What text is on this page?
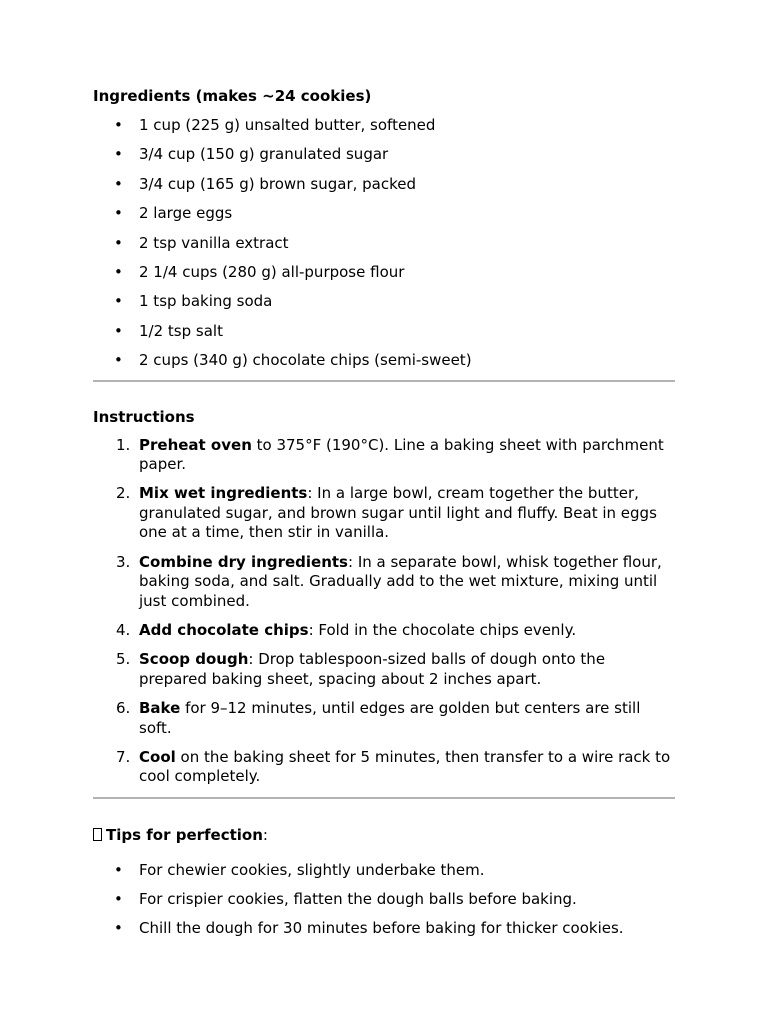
Ingredients (makes ~24 cookies)

• 1 cup (225 g) unsalted butter, softened
• 3/4 cup (150 g) granulated sugar
• 3/4 cup (165 g) brown sugar, packed
• 2 large eggs
• 2 tsp vanilla extract
• 2 1/4 cups (280 g) all-purpose flour
• 1 tsp baking soda
• 1/2 tsp salt
• 2 cups (340 g) chocolate chips (semi-sweet)

Instructions

1. Preheat oven to 375°F (190°C). Line a baking sheet with parchment paper.
2. Mix wet ingredients: In a large bowl, cream together the butter, granulated sugar, and brown sugar until light and fluffy. Beat in eggs one at a time, then stir in vanilla.
3. Combine dry ingredients: In a separate bowl, whisk together flour, baking soda, and salt. Gradually add to the wet mixture, mixing until just combined.
4. Add chocolate chips: Fold in the chocolate chips evenly.
5. Scoop dough: Drop tablespoon-sized balls of dough onto the prepared baking sheet, spacing about 2 inches apart.
6. Bake for 9–12 minutes, until edges are golden but centers are still soft.
7. Cool on the baking sheet for 5 minutes, then transfer to a wire rack to cool completely.

Tips for perfection:

• For chewier cookies, slightly underbake them.
• For crispier cookies, flatten the dough balls before baking.
• Chill the dough for 30 minutes before baking for thicker cookies.
